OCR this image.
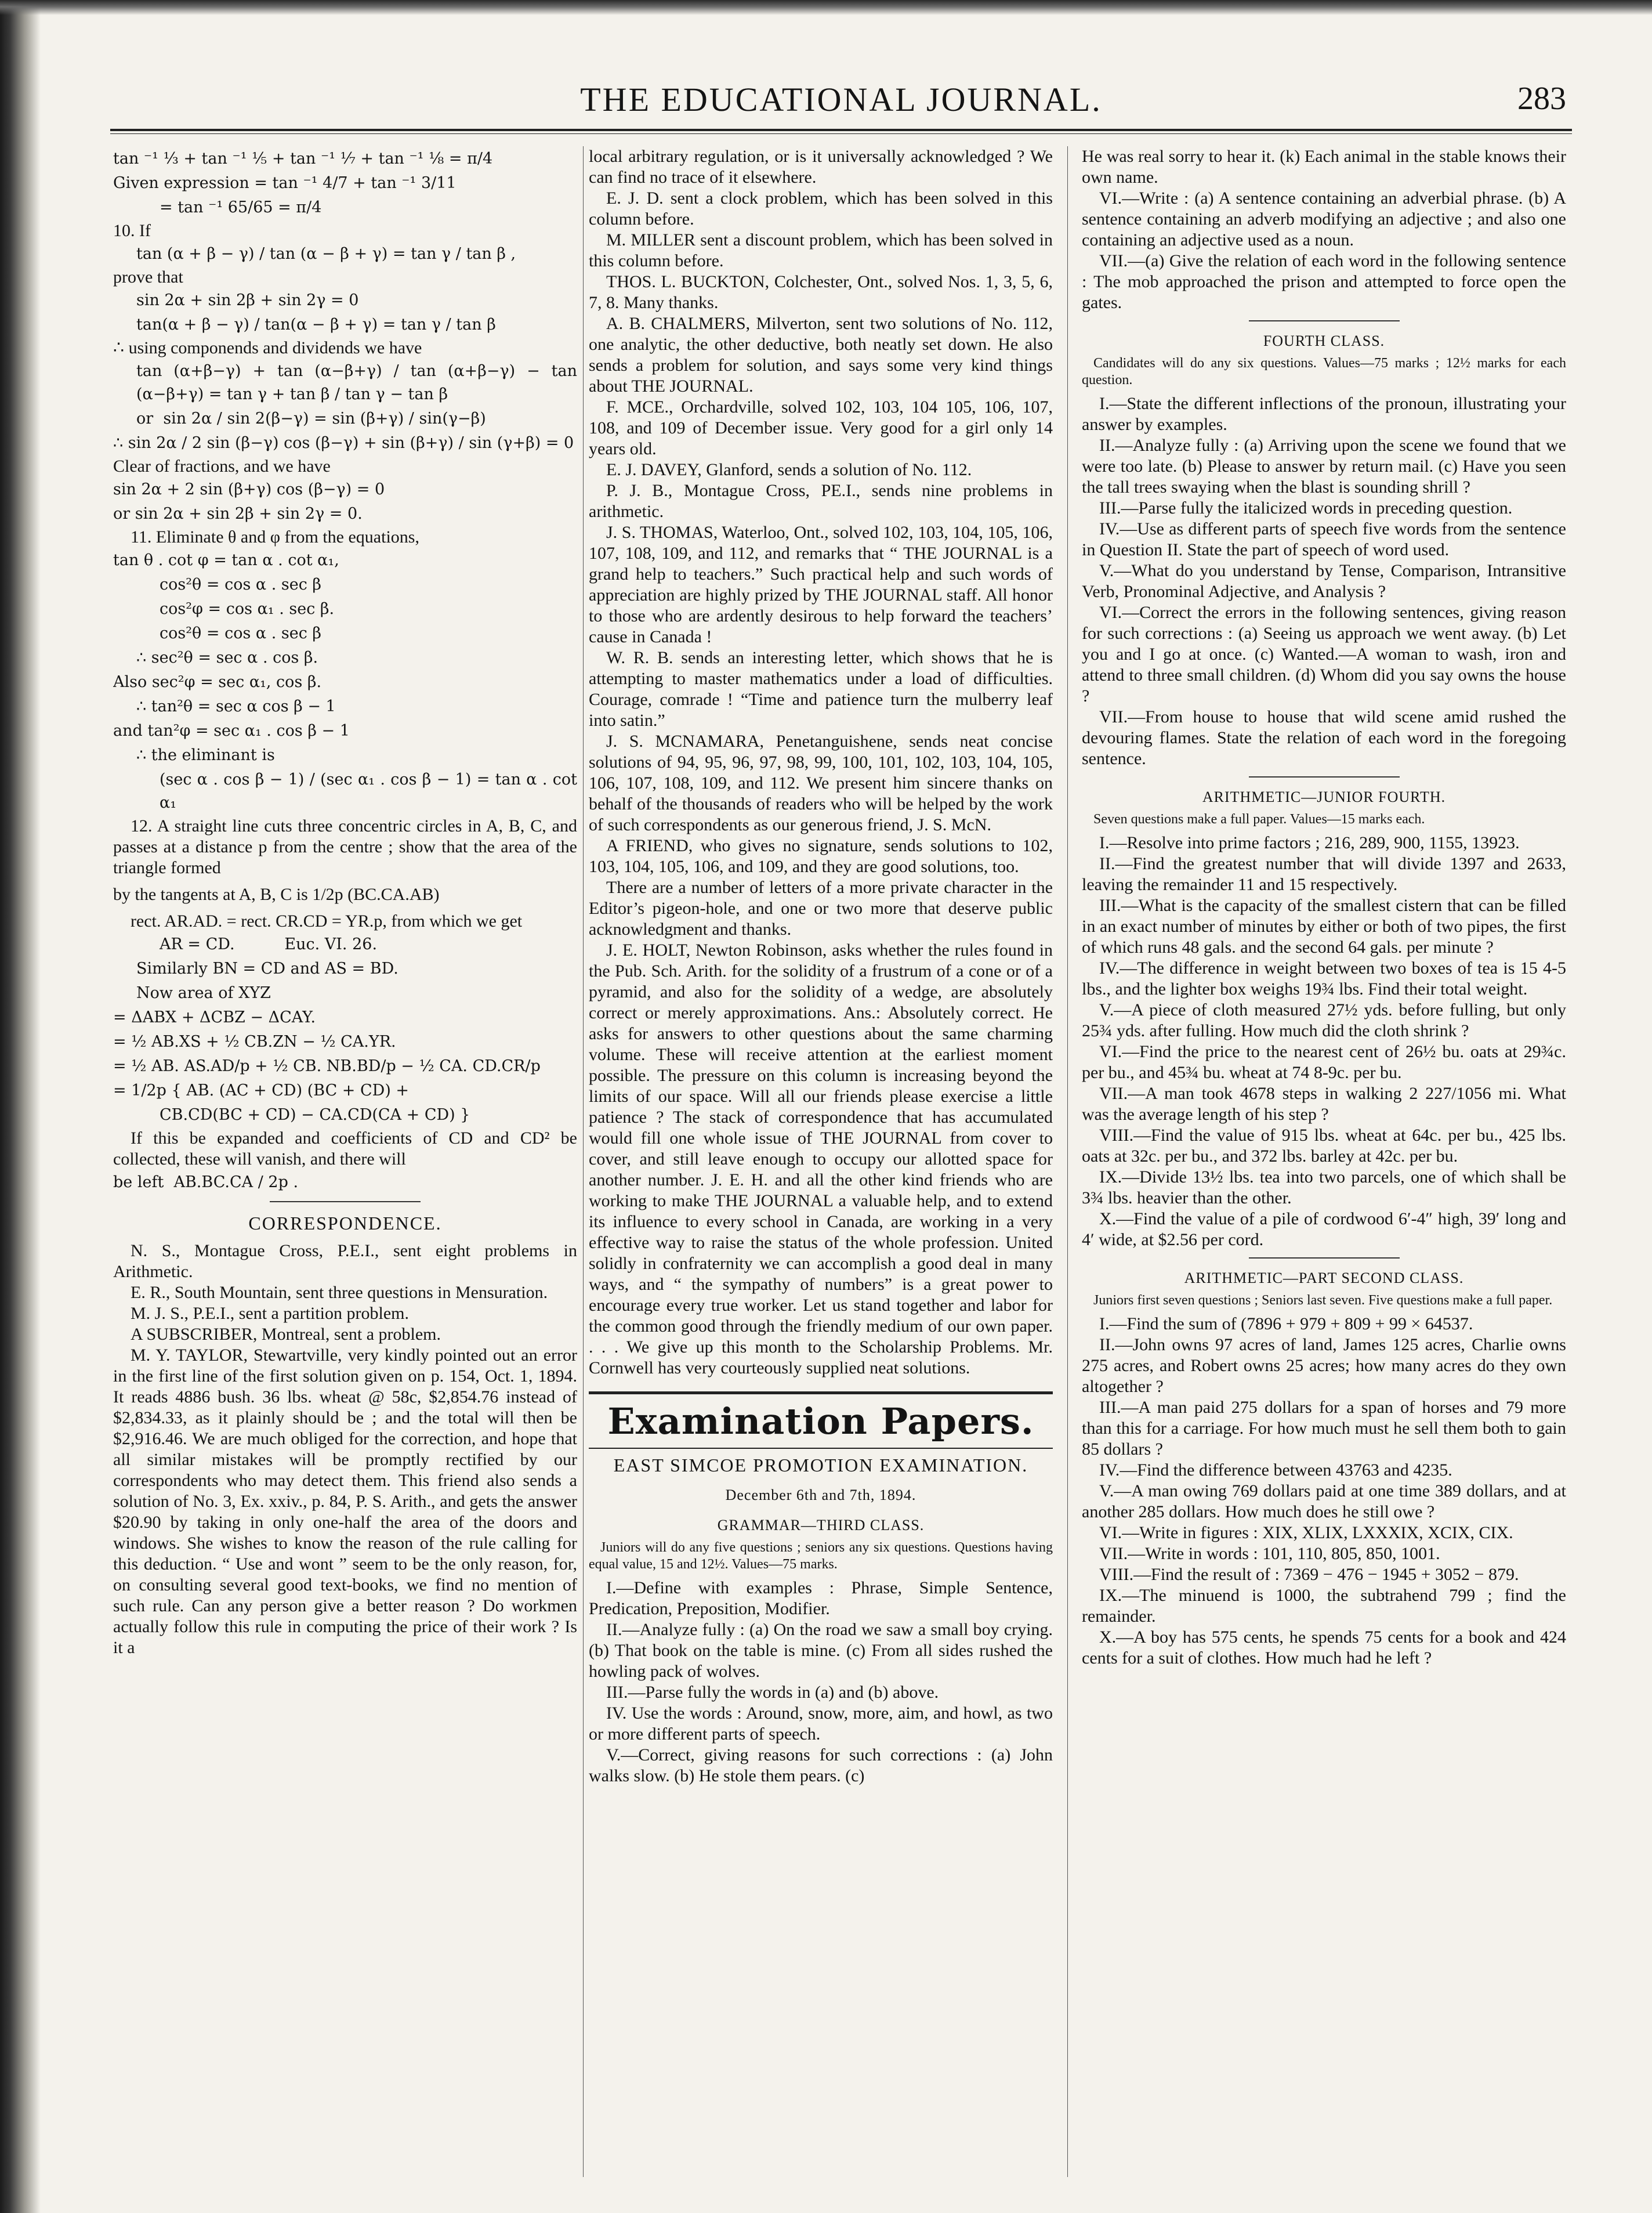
THE EDUCATIONAL JOURNAL.	283

tan ⁻¹ ⅓ + tan ⁻¹ ⅕ + tan ⁻¹ ⅐ + tan ⁻¹ ⅛ = π/4

Given expression = tan ⁻¹ 4/7 + tan ⁻¹ 3/11

= tan ⁻¹ 65/65 = π/4

10. If

tan (α + β − γ) / tan (α − β + γ) = tan γ / tan β ,

prove that

sin 2α + sin 2β + sin 2γ = 0

tan(α + β − γ) / tan(α − β + γ) = tan γ / tan β

∴ using componends and dividends we have

tan (α+β−γ) + tan (α−β+γ) / tan (α+β−γ) − tan (α−β+γ) = tan γ + tan β / tan γ − tan β

or  sin 2α / sin 2(β−γ) = sin (β+γ) / sin(γ−β)

∴ sin 2α / 2 sin (β−γ) cos (β−γ) + sin (β+γ) / sin (γ+β) = 0

Clear of fractions, and we have

sin 2α + 2 sin (β+γ) cos (β−γ) = 0

or sin 2α + sin 2β + sin 2γ = 0.

11. Eliminate θ and φ from the equations,

tan θ . cot φ = tan α . cot α₁,

cos²θ = cos α . sec β

cos²φ = cos α₁ . sec β.

cos²θ = cos α . sec β

∴ sec²θ = sec α . cos β.

Also sec²φ = sec α₁, cos β.

∴ tan²θ = sec α cos β − 1

and tan²φ = sec α₁ . cos β − 1

∴ the eliminant is

(sec α . cos β − 1) / (sec α₁ . cos β − 1) = tan α . cot α₁

12. A straight line cuts three concentric circles in A, B, C, and passes at a distance p from the centre ; show that the area of the triangle formed

by the tangents at A, B, C is 1/2p (BC.CA.AB)

rect. AR.AD. = rect. CR.CD = YR.p, from which we get

AR = CD.          Euc. VI. 26.

Similarly BN = CD and AS = BD.

Now area of XYZ

= ΔABX + ΔCBZ − ΔCAY.

= ½ AB.XS + ½ CB.ZN − ½ CA.YR.

= ½ AB. AS.AD/p + ½ CB. NB.BD/p − ½ CA. CD.CR/p

= 1/2p { AB. (AC + CD) (BC + CD) +

CB.CD(BC + CD) − CA.CD(CA + CD) }

If this be expanded and coefficients of CD and CD² be collected, these will vanish, and there will

be left  AB.BC.CA / 2p .

CORRESPONDENCE.

N. S., Montague Cross, P.E.I., sent eight problems in Arithmetic.

E. R., South Mountain, sent three questions in Mensuration.

M. J. S., P.E.I., sent a partition problem.

A SUBSCRIBER, Montreal, sent a problem.

M. Y. TAYLOR, Stewartville, very kindly pointed out an error in the first line of the first solution given on p. 154, Oct. 1, 1894. It reads 4886 bush. 36 lbs. wheat @ 58c, $2,854.76 instead of $2,834.33, as it plainly should be ; and the total will then be $2,916.46. We are much obliged for the correction, and hope that all similar mistakes will be promptly rectified by our correspondents who may detect them. This friend also sends a solution of No. 3, Ex. xxiv., p. 84, P. S. Arith., and gets the answer $20.90 by taking in only one-half the area of the doors and windows. She wishes to know the reason of the rule calling for this deduction. “ Use and wont ” seem to be the only reason, for, on consulting several good text-books, we find no mention of such rule. Can any person give a better reason ? Do workmen actually follow this rule in computing the price of their work ? Is it a

local arbitrary regulation, or is it universally acknowledged ? We can find no trace of it elsewhere.

E. J. D. sent a clock problem, which has been solved in this column before.

M. MILLER sent a discount problem, which has been solved in this column before.

THOS. L. BUCKTON, Colchester, Ont., solved Nos. 1, 3, 5, 6, 7, 8. Many thanks.

A. B. CHALMERS, Milverton, sent two solutions of No. 112, one analytic, the other deductive, both neatly set down. He also sends a problem for solution, and says some very kind things about THE JOURNAL.

F. MCE., Orchardville, solved 102, 103, 104 105, 106, 107, 108, and 109 of December issue. Very good for a girl only 14 years old.

E. J. DAVEY, Glanford, sends a solution of No. 112.

P. J. B., Montague Cross, PE.I., sends nine problems in arithmetic.

J. S. THOMAS, Waterloo, Ont., solved 102, 103, 104, 105, 106, 107, 108, 109, and 112, and remarks that “ THE JOURNAL is a grand help to teachers.” Such practical help and such words of appreciation are highly prized by THE JOURNAL staff. All honor to those who are ardently desirous to help forward the teachers’ cause in Canada !

W. R. B. sends an interesting letter, which shows that he is attempting to master mathematics under a load of difficulties. Courage, comrade ! “Time and patience turn the mulberry leaf into satin.”

J. S. MCNAMARA, Penetanguishene, sends neat concise solutions of 94, 95, 96, 97, 98, 99, 100, 101, 102, 103, 104, 105, 106, 107, 108, 109, and 112. We present him sincere thanks on behalf of the thousands of readers who will be helped by the work of such correspondents as our generous friend, J. S. McN.

A FRIEND, who gives no signature, sends solutions to 102, 103, 104, 105, 106, and 109, and they are good solutions, too.

There are a number of letters of a more private character in the Editor’s pigeon-hole, and one or two more that deserve public acknowledgment and thanks.

J. E. HOLT, Newton Robinson, asks whether the rules found in the Pub. Sch. Arith. for the solidity of a frustrum of a cone or of a pyramid, and also for the solidity of a wedge, are absolutely correct or merely approximations. Ans.: Absolutely correct. He asks for answers to other questions about the same charming volume. These will receive attention at the earliest moment possible. The pressure on this column is increasing beyond the limits of our space. Will all our friends please exercise a little patience ? The stack of correspondence that has accumulated would fill one whole issue of THE JOURNAL from cover to cover, and still leave enough to occupy our allotted space for another number. J. E. H. and all the other kind friends who are working to make THE JOURNAL a valuable help, and to extend its influence to every school in Canada, are working in a very effective way to raise the status of the whole profession. United solidly in confraternity we can accomplish a good deal in many ways, and “ the sympathy of numbers” is a great power to encourage every true worker. Let us stand together and labor for the common good through the friendly medium of our own paper. . . . We give up this month to the Scholarship Problems. Mr. Cornwell has very courteously supplied neat solutions.

Examination Papers.

EAST SIMCOE PROMOTION EXAMINATION.

December 6th and 7th, 1894.

GRAMMAR—THIRD CLASS.

Juniors will do any five questions ; seniors any six questions. Questions having equal value, 15 and 12½. Values—75 marks.

I.—Define with examples : Phrase, Simple Sentence, Predication, Preposition, Modifier.

II.—Analyze fully : (a) On the road we saw a small boy crying. (b) That book on the table is mine. (c) From all sides rushed the howling pack of wolves.

III.—Parse fully the words in (a) and (b) above.

IV. Use the words : Around, snow, more, aim, and howl, as two or more different parts of speech.

V.—Correct, giving reasons for such corrections : (a) John walks slow. (b) He stole them pears. (c)

He was real sorry to hear it. (k) Each animal in the stable knows their own name.

VI.—Write : (a) A sentence containing an adverbial phrase. (b) A sentence containing an adverb modifying an adjective ; and also one containing an adjective used as a noun.

VII.—(a) Give the relation of each word in the following sentence : The mob approached the prison and attempted to force open the gates.

FOURTH CLASS.

Candidates will do any six questions. Values—75 marks ; 12½ marks for each question.

I.—State the different inflections of the pronoun, illustrating your answer by examples.

II.—Analyze fully : (a) Arriving upon the scene we found that we were too late. (b) Please to answer by return mail. (c) Have you seen the tall trees swaying when the blast is sounding shrill ?

III.—Parse fully the italicized words in preceding question.

IV.—Use as different parts of speech five words from the sentence in Question II. State the part of speech of word used.

V.—What do you understand by Tense, Comparison, Intransitive Verb, Pronominal Adjective, and Analysis ?

VI.—Correct the errors in the following sentences, giving reason for such corrections : (a) Seeing us approach we went away. (b) Let you and I go at once. (c) Wanted.—A woman to wash, iron and attend to three small children. (d) Whom did you say owns the house ?

VII.—From house to house that wild scene amid rushed the devouring flames. State the relation of each word in the foregoing sentence.

ARITHMETIC—JUNIOR FOURTH.

Seven questions make a full paper. Values—15 marks each.

I.—Resolve into prime factors ; 216, 289, 900, 1155, 13923.

II.—Find the greatest number that will divide 1397 and 2633, leaving the remainder 11 and 15 respectively.

III.—What is the capacity of the smallest cistern that can be filled in an exact number of minutes by either or both of two pipes, the first of which runs 48 gals. and the second 64 gals. per minute ?

IV.—The difference in weight between two boxes of tea is 15 4-5 lbs., and the lighter box weighs 19¾ lbs. Find their total weight.

V.—A piece of cloth measured 27½ yds. before fulling, but only 25¾ yds. after fulling. How much did the cloth shrink ?

VI.—Find the price to the nearest cent of 26½ bu. oats at 29¾c. per bu., and 45¾ bu. wheat at 74 8-9c. per bu.

VII.—A man took 4678 steps in walking 2 227/1056 mi. What was the average length of his step ?

VIII.—Find the value of 915 lbs. wheat at 64c. per bu., 425 lbs. oats at 32c. per bu., and 372 lbs. barley at 42c. per bu.

IX.—Divide 13½ lbs. tea into two parcels, one of which shall be 3¾ lbs. heavier than the other.

X.—Find the value of a pile of cordwood 6′-4″ high, 39′ long and 4′ wide, at $2.56 per cord.

ARITHMETIC—PART SECOND CLASS.

Juniors first seven questions ; Seniors last seven. Five questions make a full paper.

I.—Find the sum of (7896 + 979 + 809 + 99 × 64537.

II.—John owns 97 acres of land, James 125 acres, Charlie owns 275 acres, and Robert owns 25 acres; how many acres do they own altogether ?

III.—A man paid 275 dollars for a span of horses and 79 more than this for a carriage. For how much must he sell them both to gain 85 dollars ?

IV.—Find the difference between 43763 and 4235.

V.—A man owing 769 dollars paid at one time 389 dollars, and at another 285 dollars. How much does he still owe ?

VI.—Write in figures : XIX, XLIX, LXXXIX, XCIX, CIX.

VII.—Write in words : 101, 110, 805, 850, 1001.

VIII.—Find the result of : 7369 − 476 − 1945 + 3052 − 879.

IX.—The minuend is 1000, the subtrahend 799 ; find the remainder.

X.—A boy has 575 cents, he spends 75 cents for a book and 424 cents for a suit of clothes. How much had he left ?
